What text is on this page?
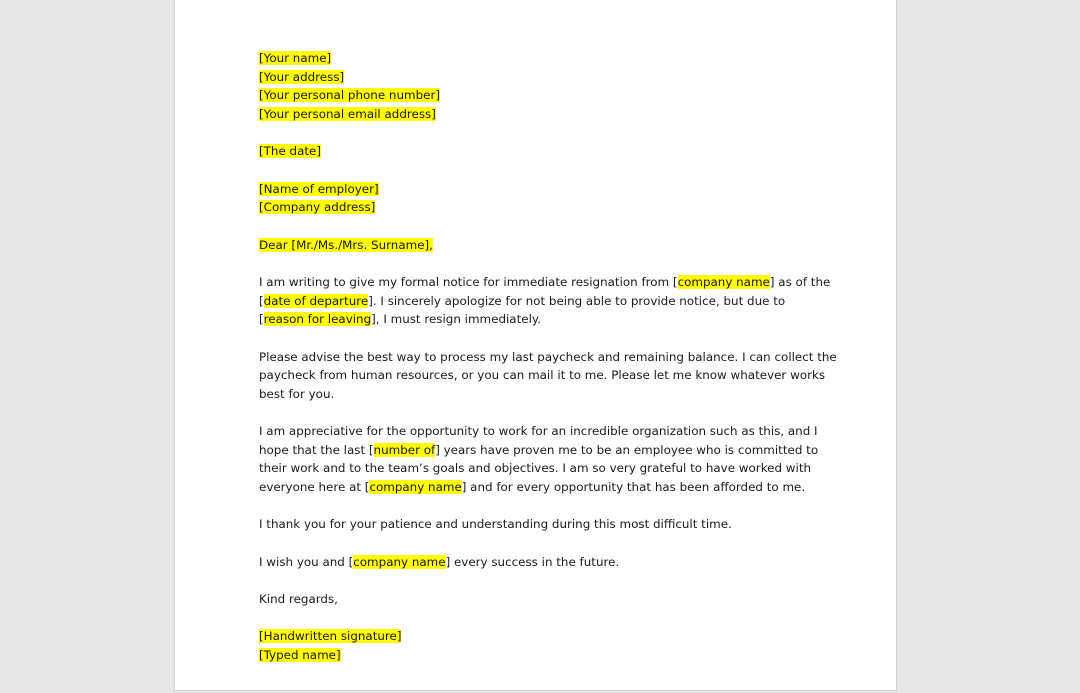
[Your name]
[Your address]
[Your personal phone number]
[Your personal email address]
[The date]
[Name of employer]
[Company address]
Dear [Mr./Ms./Mrs. Surname],
I am writing to give my formal notice for immediate resignation from [company name] as of the
[date of departure]. I sincerely apologize for not being able to provide notice, but due to
[reason for leaving], I must resign immediately.
Please advise the best way to process my last paycheck and remaining balance. I can collect the
paycheck from human resources, or you can mail it to me. Please let me know whatever works
best for you.
I am appreciative for the opportunity to work for an incredible organization such as this, and I
hope that the last [number of] years have proven me to be an employee who is committed to
their work and to the team’s goals and objectives. I am so very grateful to have worked with
everyone here at [company name] and for every opportunity that has been afforded to me.
I thank you for your patience and understanding during this most difficult time.
I wish you and [company name] every success in the future.
Kind regards,
[Handwritten signature]
[Typed name]
